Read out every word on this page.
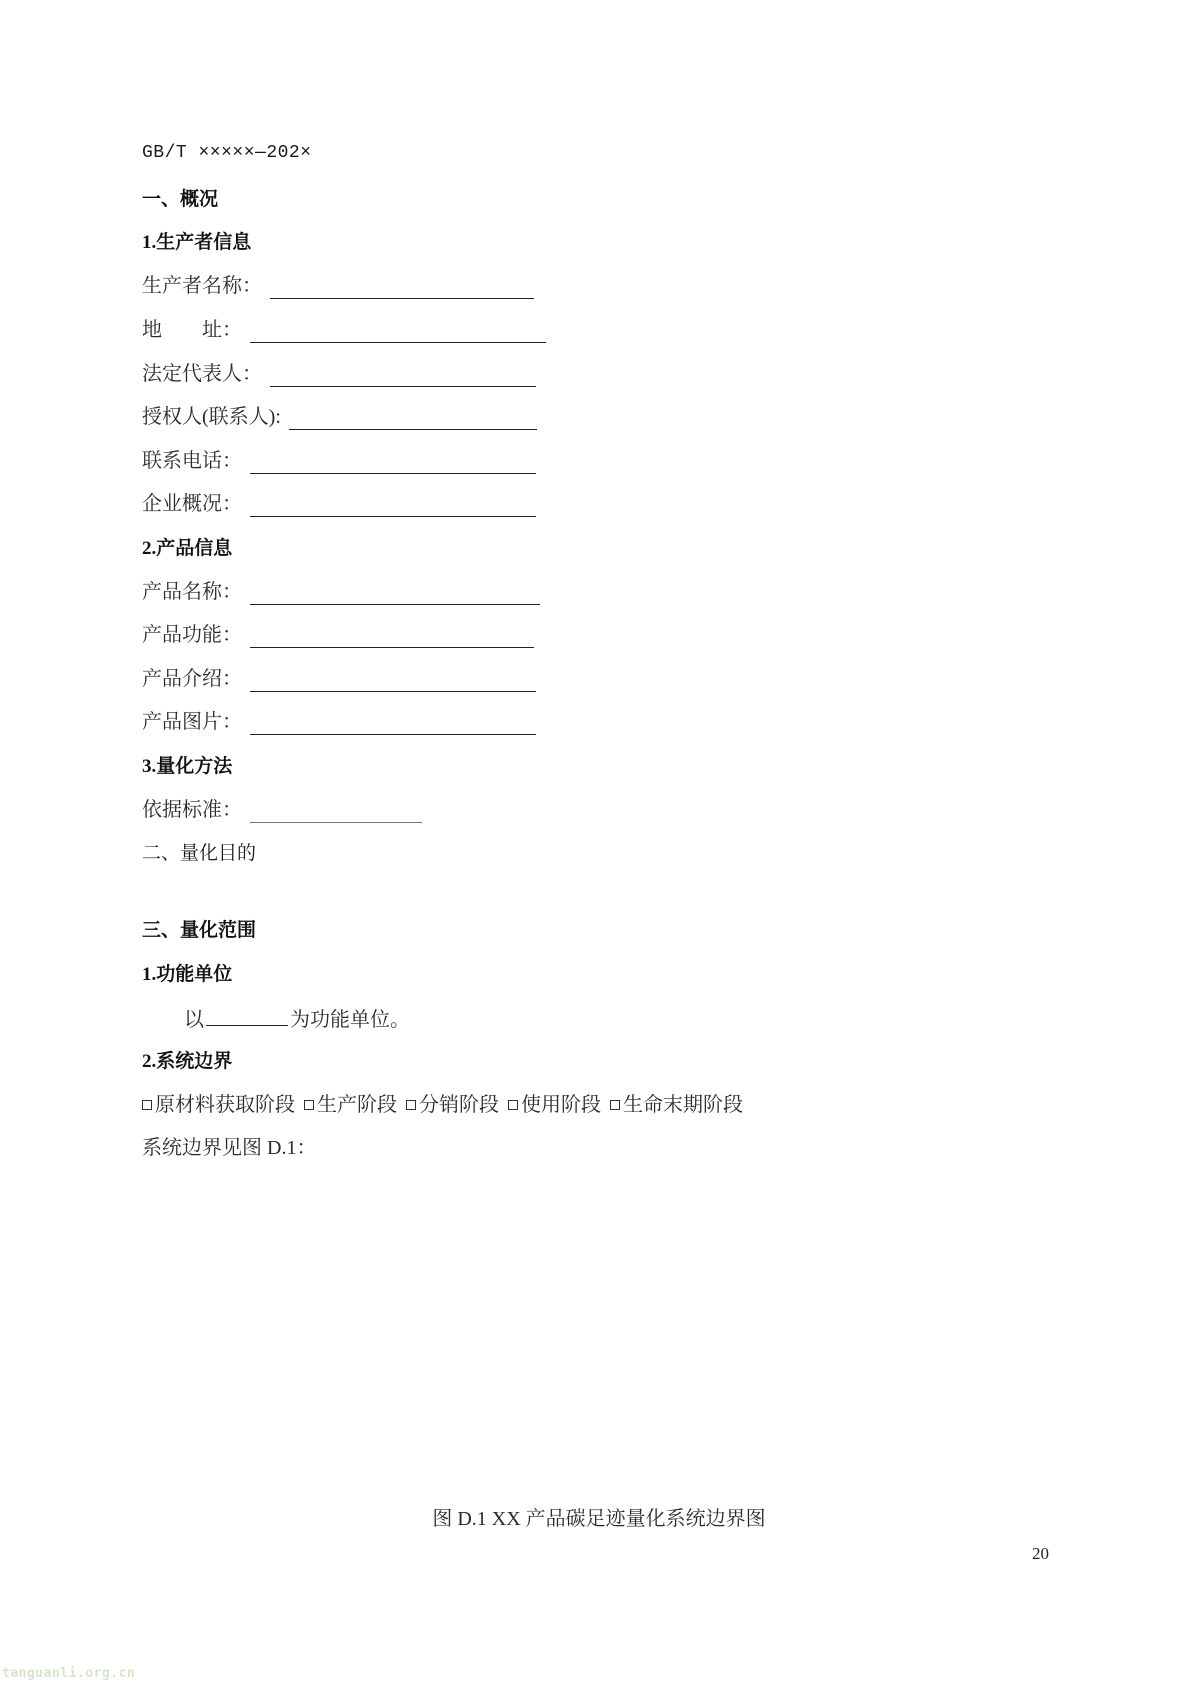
GB/T ×××××—202×
一、概况
1.生产者信息
生产者名称：
地　　址：
法定代表人：
授权人(联系人):
联系电话：
企业概况：
2.产品信息
产品名称：
产品功能：
产品介绍：
产品图片：
3.量化方法
依据标准：
二、量化目的
三、量化范围
1.功能单位
以	为功能单位。
2.系统边界
原材料获取阶段 生产阶段 分销阶段 使用阶段 生命末期阶段
系统边界见图 D.1：
图 D.1 XX 产品碳足迹量化系统边界图
20
tanguanli.org.cn
